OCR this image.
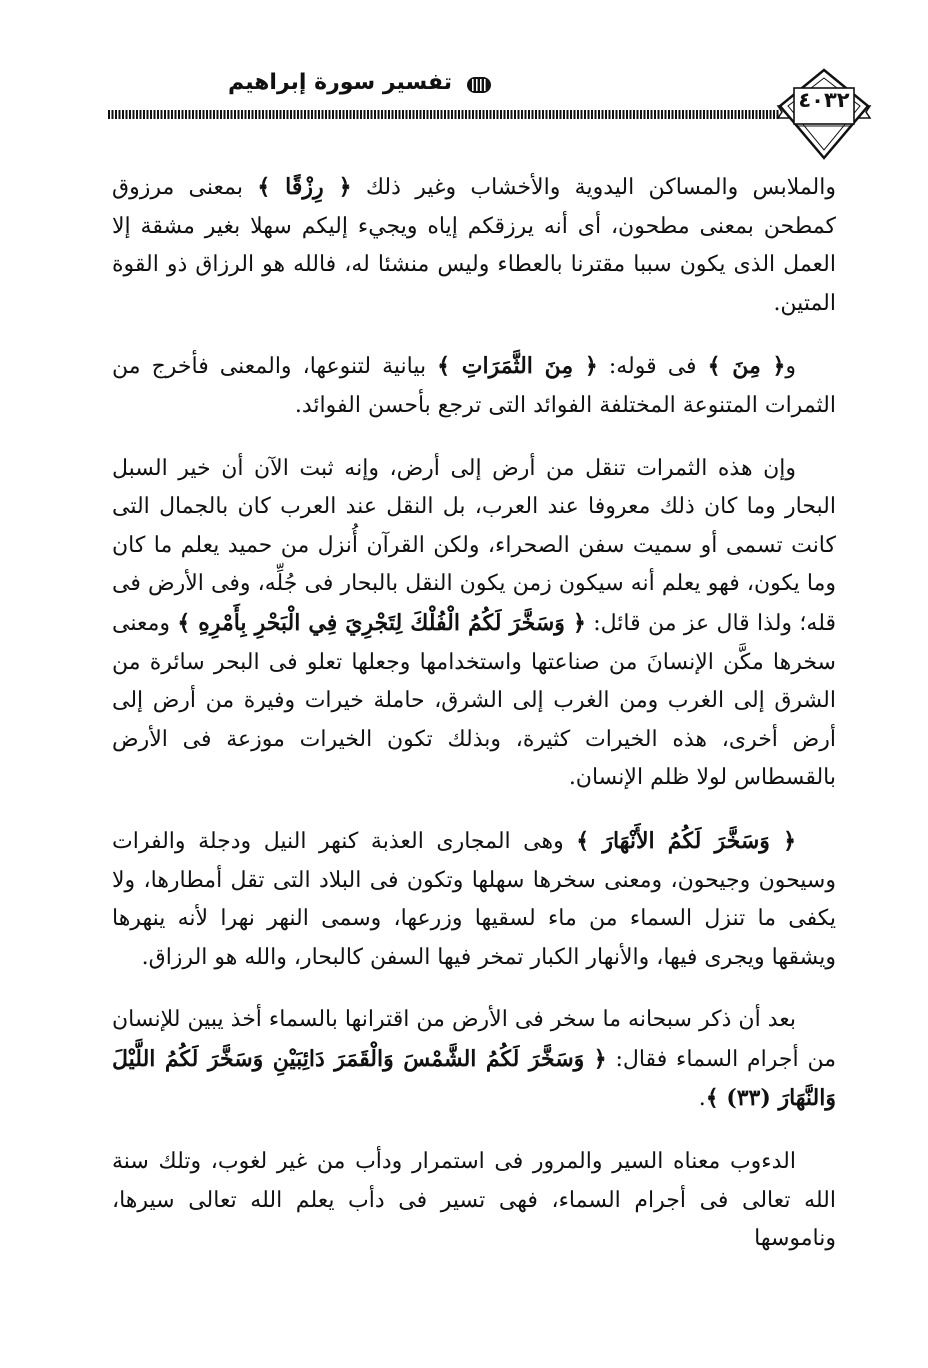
تفسير سورة إبراهيم
٤٠٣٢

والملابس والمساكن اليدوية والأخشاب وغير ذلك ﴿ رِزْقًا ﴾ بمعنى مرزوق كمطحن بمعنى مطحون، أى أنه يرزقكم إياه ويجيء إليكم سهلا بغير مشقة إلا العمل الذى يكون سببا مقترنا بالعطاء وليس منشئا له، فالله هو الرزاق ذو القوة المتين.

و﴿ مِنَ ﴾ فى قوله: ﴿ مِنَ الثَّمَرَاتِ ﴾ بيانية لتنوعها، والمعنى فأخرج من الثمرات المتنوعة المختلفة الفوائد التى ترجع بأحسن الفوائد.

وإن هذه الثمرات تنقل من أرض إلى أرض، وإنه ثبت الآن أن خير السبل البحار وما كان ذلك معروفا عند العرب، بل النقل عند العرب كان بالجمال التى كانت تسمى أو سميت سفن الصحراء، ولكن القرآن أُنزل من حميد يعلم ما كان وما يكون، فهو يعلم أنه سيكون زمن يكون النقل بالبحار فى جُلِّه، وفى الأرض فى قله؛ ولذا قال عز من قائل: ﴿ وَسَخَّرَ لَكُمُ الْفُلْكَ لِتَجْرِيَ فِي الْبَحْرِ بِأَمْرِهِ ﴾ ومعنى سخرها مكَّن الإنسانَ من صناعتها واستخدامها وجعلها تعلو فى البحر سائرة من الشرق إلى الغرب ومن الغرب إلى الشرق، حاملة خيرات وفيرة من أرض إلى أرض أخرى، هذه الخيرات كثيرة، وبذلك تكون الخيرات موزعة فى الأرض بالقسطاس لولا ظلم الإنسان.

﴿ وَسَخَّرَ لَكُمُ الأَنْهَارَ ﴾ وهى المجارى العذبة كنهر النيل ودجلة والفرات وسيحون وجيحون، ومعنى سخرها سهلها وتكون فى البلاد التى تقل أمطارها، ولا يكفى ما تنزل السماء من ماء لسقيها وزرعها، وسمى النهر نهرا لأنه ينهرها ويشقها ويجرى فيها، والأنهار الكبار تمخر فيها السفن كالبحار، والله هو الرزاق.

بعد أن ذكر سبحانه ما سخر فى الأرض من اقترانها بالسماء أخذ يبين للإنسان من أجرام السماء فقال: ﴿ وَسَخَّرَ لَكُمُ الشَّمْسَ وَالْقَمَرَ دَائِبَيْنِ وَسَخَّرَ لَكُمُ اللَّيْلَ وَالنَّهَارَ (٣٣) ﴾.

الدءوب معناه السير والمرور فى استمرار ودأب من غير لغوب، وتلك سنة الله تعالى فى أجرام السماء، فهى تسير فى دأب يعلم الله تعالى سيرها، وناموسها
